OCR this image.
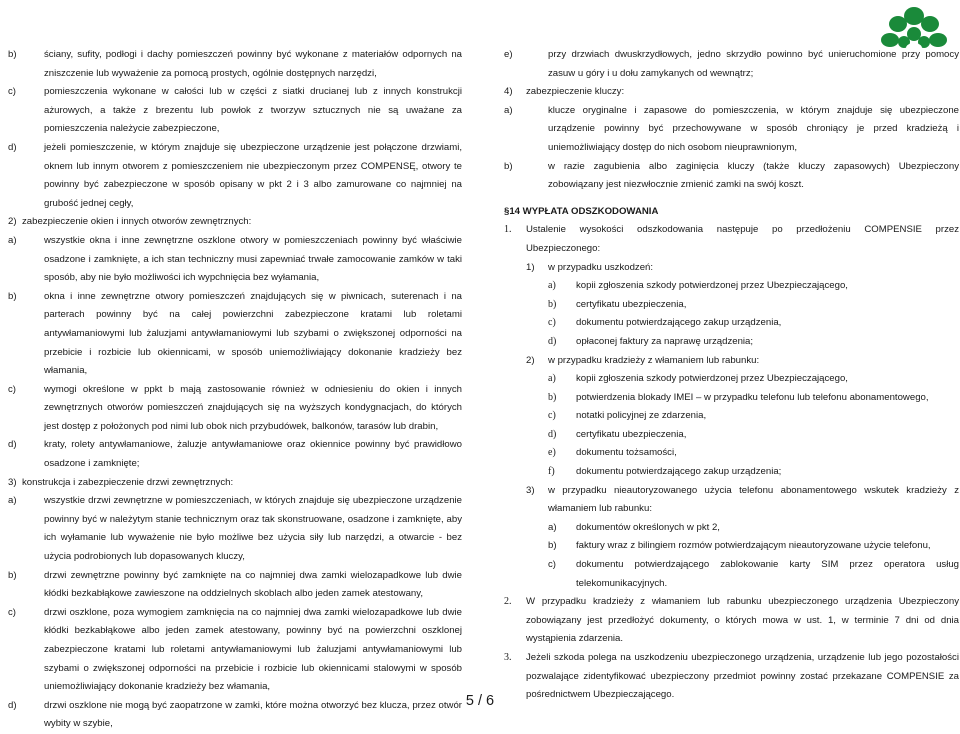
b)	ściany, sufity, podłogi i dachy pomieszczeń powinny być wykonane z materiałów odpornych na zniszczenie lub wyważenie za pomocą prostych, ogólnie dostępnych narzędzi,
c)	pomieszczenia wykonane w całości lub w części z siatki drucianej lub z innych konstrukcji ażurowych, a także z brezentu lub powłok z tworzyw sztucznych nie są uważane za pomieszczenia należycie zabezpieczone,
d)	jeżeli pomieszczenie, w którym znajduje się ubezpieczone urządzenie jest połączone drzwiami, oknem lub innym otworem z pomieszczeniem nie ubezpieczonym przez COMPENSĘ, otwory te powinny być zabezpieczone w sposób opisany w pkt 2 i 3 albo zamurowane co najmniej na grubość jednej cegły,
2) zabezpieczenie okien i innych otworów zewnętrznych:
a)	wszystkie okna i inne zewnętrzne oszklone otwory w pomieszczeniach powinny być właściwie osadzone i zamknięte, a ich stan techniczny musi zapewniać trwałe zamocowanie zamków w taki sposób, aby nie było możliwości ich wypchnięcia bez wyłamania,
b)	okna i inne zewnętrzne otwory pomieszczeń znajdujących się w piwnicach, suterenach i na parterach powinny być na całej powierzchni zabezpieczone kratami lub roletami antywłamaniowymi lub żaluzjami antywłamaniowymi lub szybami o zwiększonej odporności na przebicie i rozbicie lub okiennicami, w sposób uniemożliwiający dokonanie kradzieży bez włamania,
c)	wymogi określone w ppkt b mają zastosowanie również w odniesieniu do okien i innych zewnętrznych otworów pomieszczeń znajdujących się na wyższych kondygnacjach, do których jest dostęp z położonych pod nimi lub obok nich przybudówek, balkonów, tarasów lub drabin,
d)	kraty, rolety antywłamaniowe, żaluzje antywłamaniowe oraz okiennice powinny być prawidłowo osadzone i zamknięte;
3) konstrukcja i zabezpieczenie drzwi zewnętrznych:
a)	wszystkie drzwi zewnętrzne w pomieszczeniach, w których znajduje się ubezpieczone urządzenie powinny być w należytym stanie technicznym oraz tak skonstruowane, osadzone i zamknięte, aby ich wyłamanie lub wyważenie nie było możliwe bez użycia siły lub narzędzi, a otwarcie - bez użycia podrobionych lub dopasowanych kluczy,
b)	drzwi zewnętrzne powinny być zamknięte na co najmniej dwa zamki wielozapadkowe lub dwie kłódki bezkabłąkowe zawieszone na oddzielnych skoblach albo jeden zamek atestowany,
c)	drzwi oszklone, poza wymogiem zamknięcia na co najmniej dwa zamki wielozapadkowe lub dwie kłódki bezkabłąkowe albo jeden zamek atestowany, powinny być na powierzchni oszklonej zabezpieczone kratami lub roletami antywłamaniowymi lub żaluzjami antywłamaniowymi lub szybami o zwiększonej odporności na przebicie i rozbicie lub okiennicami stalowymi w sposób uniemożliwiający dokonanie kradzieży bez włamania,
d)	drzwi oszklone nie mogą być zaopatrzone w zamki, które można otworzyć bez klucza, przez otwór wybity w szybie,
e)	przy drzwiach dwuskrzydłowych, jedno skrzydło powinno być unieruchomione przy pomocy zasuw u góry i u dołu zamykanych od wewnątrz;
4)	zabezpieczenie kluczy:
a)	klucze oryginalne i zapasowe do pomieszczenia, w którym znajduje się ubezpieczone urządzenie powinny być przechowywane w sposób chroniący je przed kradzieżą i uniemożliwiający dostęp do nich osobom nieuprawnionym,
b)	w razie zagubienia albo zaginięcia kluczy (także kluczy zapasowych) Ubezpieczony zobowiązany jest niezwłocznie zmienić zamki na swój koszt.
§14 WYPŁATA ODSZKODOWANIA
1.	Ustalenie wysokości odszkodowania następuje po przedłożeniu COMPENSIE przez Ubezpieczonego:
1)	w przypadku uszkodzeń:
a)	kopii zgłoszenia szkody potwierdzonej przez Ubezpieczającego,
b)	certyfikatu ubezpieczenia,
c)	dokumentu potwierdzającego zakup urządzenia,
d)	opłaconej faktury za naprawę urządzenia;
2)	w przypadku kradzieży z włamaniem lub rabunku:
a)	kopii zgłoszenia szkody potwierdzonej przez Ubezpieczającego,
b)	potwierdzenia blokady IMEI – w przypadku telefonu lub telefonu abonamentowego,
c)	notatki policyjnej ze zdarzenia,
d)	certyfikatu ubezpieczenia,
e)	dokumentu tożsamości,
f)	dokumentu potwierdzającego zakup urządzenia;
3)	w przypadku nieautoryzowanego użycia telefonu abonamentowego wskutek kradzieży z włamaniem lub rabunku:
a)	dokumentów określonych w pkt 2,
b)	faktury wraz z bilingiem rozmów potwierdzającym nieautoryzowane użycie telefonu,
c)	dokumentu potwierdzającego zablokowanie karty SIM przez operatora usług telekomunikacyjnych.
2.	W przypadku kradzieży z włamaniem lub rabunku ubezpieczonego urządzenia Ubezpieczony zobowiązany jest przedłożyć dokumenty, o których mowa w ust. 1, w terminie 7 dni od dnia wystąpienia zdarzenia.
3.	Jeżeli szkoda polega na uszkodzeniu ubezpieczonego urządzenia, urządzenie lub jego pozostałości pozwalające zidentyfikować ubezpieczony przedmiot powinny zostać przekazane COMPENSIE za pośrednictwem Ubezpieczającego.
5 / 6
